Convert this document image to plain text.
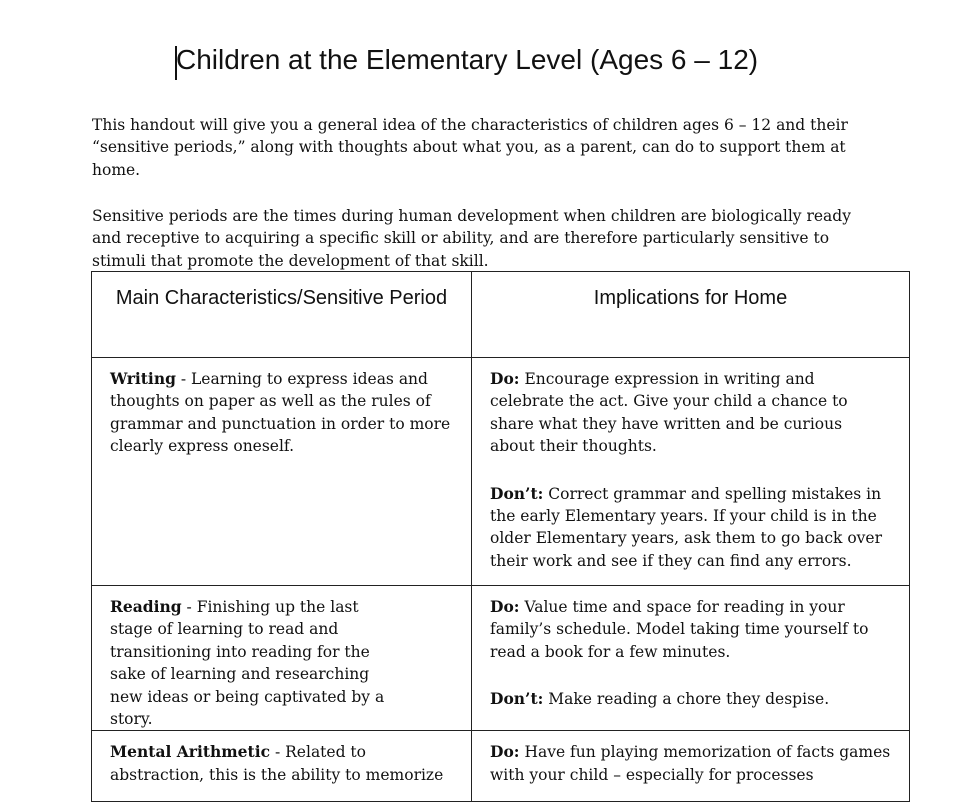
Children at the Elementary Level (Ages 6 – 12)

This handout will give you a general idea of the characteristics of children ages 6 – 12 and their “sensitive periods,” along with thoughts about what you, as a parent, can do to support them at home.

Sensitive periods are the times during human development when children are biologically ready and receptive to acquiring a specific skill or ability, and are therefore particularly sensitive to stimuli that promote the development of that skill.

Main Characteristics/Sensitive Period	Implications for Home

Writing - Learning to express ideas and thoughts on paper as well as the rules of grammar and punctuation in order to more clearly express oneself.	Do: Encourage expression in writing and celebrate the act. Give your child a chance to share what they have written and be curious about their thoughts.

Don’t: Correct grammar and spelling mistakes in the early Elementary years. If your child is in the older Elementary years, ask them to go back over their work and see if they can find any errors.

Reading - Finishing up the last stage of learning to read and transitioning into reading for the sake of learning and researching new ideas or being captivated by a story.	Do: Value time and space for reading in your family’s schedule. Model taking time yourself to read a book for a few minutes.

Don’t: Make reading a chore they despise.

Mental Arithmetic - Related to abstraction, this is the ability to memorize	Do: Have fun playing memorization of facts games with your child – especially for processes
